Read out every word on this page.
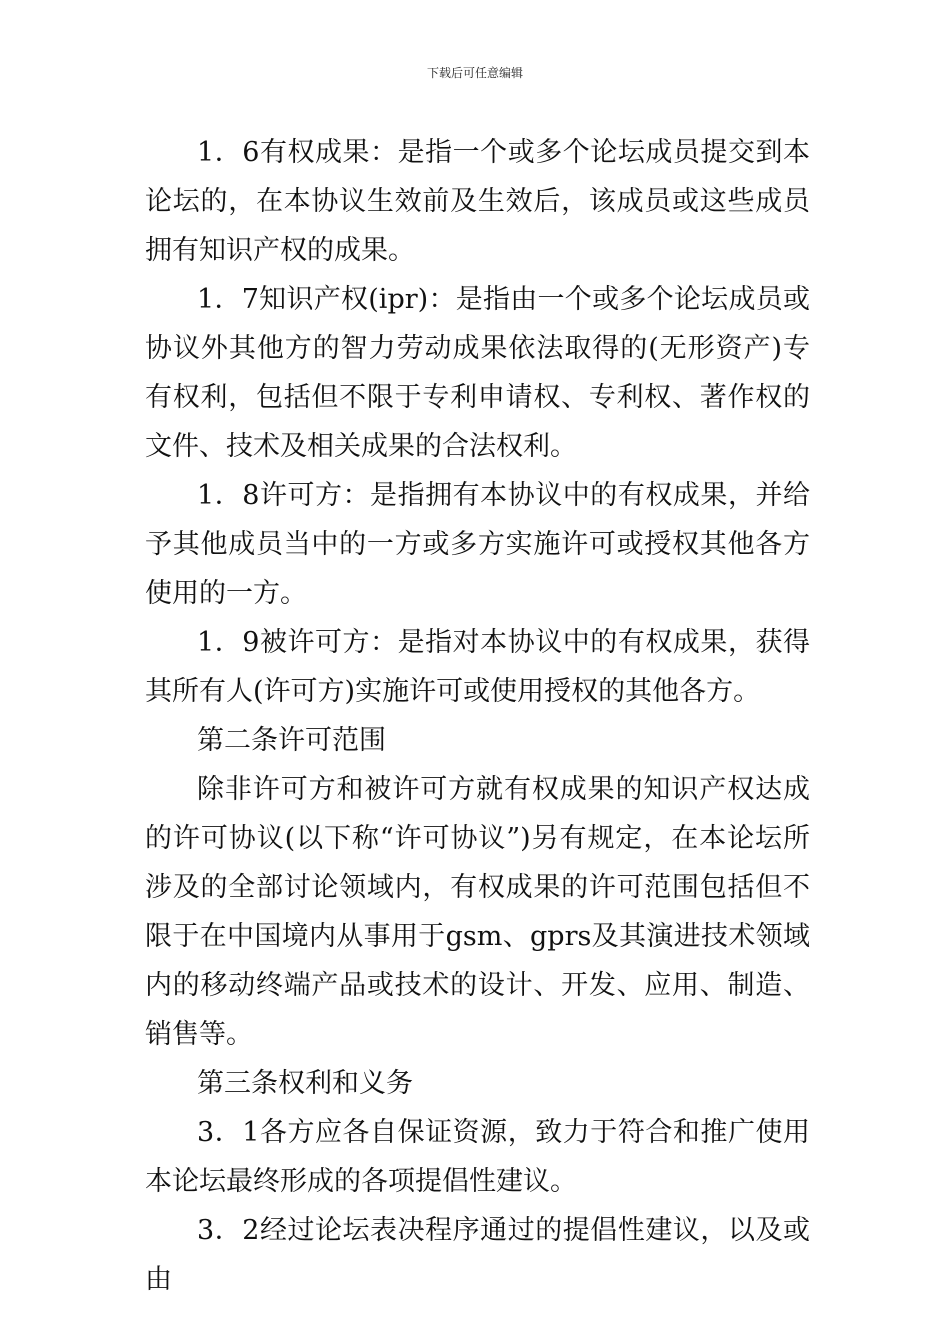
下载后可任意编辑

1．6有权成果：是指一个或多个论坛成员提交到本论坛的，在本协议生效前及生效后，该成员或这些成员拥有知识产权的成果。

1．7知识产权(ipr)：是指由一个或多个论坛成员或协议外其他方的智力劳动成果依法取得的(无形资产)专有权利，包括但不限于专利申请权、专利权、著作权的文件、技术及相关成果的合法权利。

1．8许可方：是指拥有本协议中的有权成果，并给予其他成员当中的一方或多方实施许可或授权其他各方使用的一方。

1．9被许可方：是指对本协议中的有权成果，获得其所有人(许可方)实施许可或使用授权的其他各方。

第二条许可范围

除非许可方和被许可方就有权成果的知识产权达成的许可协议(以下称“许可协议”)另有规定，在本论坛所涉及的全部讨论领域内，有权成果的许可范围包括但不限于在中国境内从事用于gsm、gprs及其演进技术领域内的移动终端产品或技术的设计、开发、应用、制造、销售等。

第三条权利和义务

3．1各方应各自保证资源，致力于符合和推广使用本论坛最终形成的各项提倡性建议。

3．2经过论坛表决程序通过的提倡性建议，以及或由
